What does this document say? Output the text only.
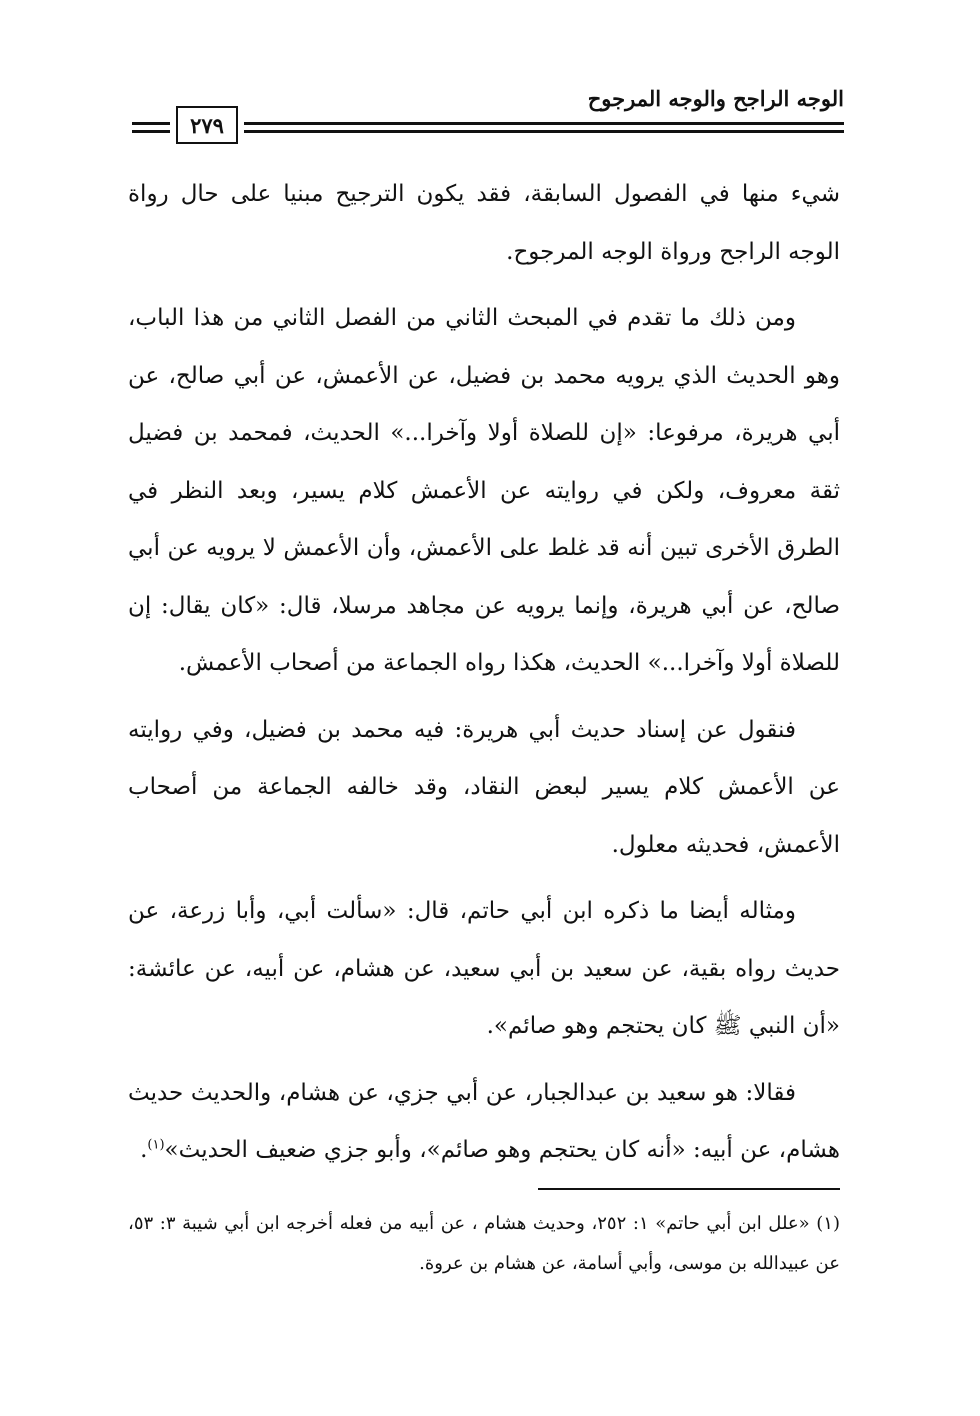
الوجه الراجح والوجه المرجوح
٢٧٩

شيء منها في الفصول السابقة، فقد يكون الترجيح مبنيا على حال رواة الوجه الراجح ورواة الوجه المرجوح.

ومن ذلك ما تقدم في المبحث الثاني من الفصل الثاني من هذا الباب، وهو الحديث الذي يرويه محمد بن فضيل، عن الأعمش، عن أبي صالح، عن أبي هريرة، مرفوعا: «إن للصلاة أولا وآخرا...» الحديث، فمحمد بن فضيل ثقة معروف، ولكن في روايته عن الأعمش كلام يسير، وبعد النظر في الطرق الأخرى تبين أنه قد غلط على الأعمش، وأن الأعمش لا يرويه عن أبي صالح، عن أبي هريرة، وإنما يرويه عن مجاهد مرسلا، قال: «كان يقال: إن للصلاة أولا وآخرا...» الحديث، هكذا رواه الجماعة من أصحاب الأعمش.

فنقول عن إسناد حديث أبي هريرة: فيه محمد بن فضيل، وفي روايته عن الأعمش كلام يسير لبعض النقاد، وقد خالفه الجماعة من أصحاب الأعمش، فحديثه معلول.

ومثاله أيضا ما ذكره ابن أبي حاتم، قال: «سألت أبي، وأبا زرعة، عن حديث رواه بقية، عن سعيد بن أبي سعيد، عن هشام، عن أبيه، عن عائشة: «أن النبي ﷺ كان يحتجم وهو صائم».

فقالا: هو سعيد بن عبدالجبار، عن أبي جزي، عن هشام، والحديث حديث هشام، عن أبيه: «أنه كان يحتجم وهو صائم»، وأبو جزي ضعيف الحديث»$^{(١)}$.

(١) «علل ابن أبي حاتم» ١: ٢٥٢، وحديث هشام ، عن أبيه من فعله أخرجه ابن أبي شيبة ٣: ٥٣، عن عبيدالله بن موسى، وأبي أسامة، عن هشام بن عروة.
